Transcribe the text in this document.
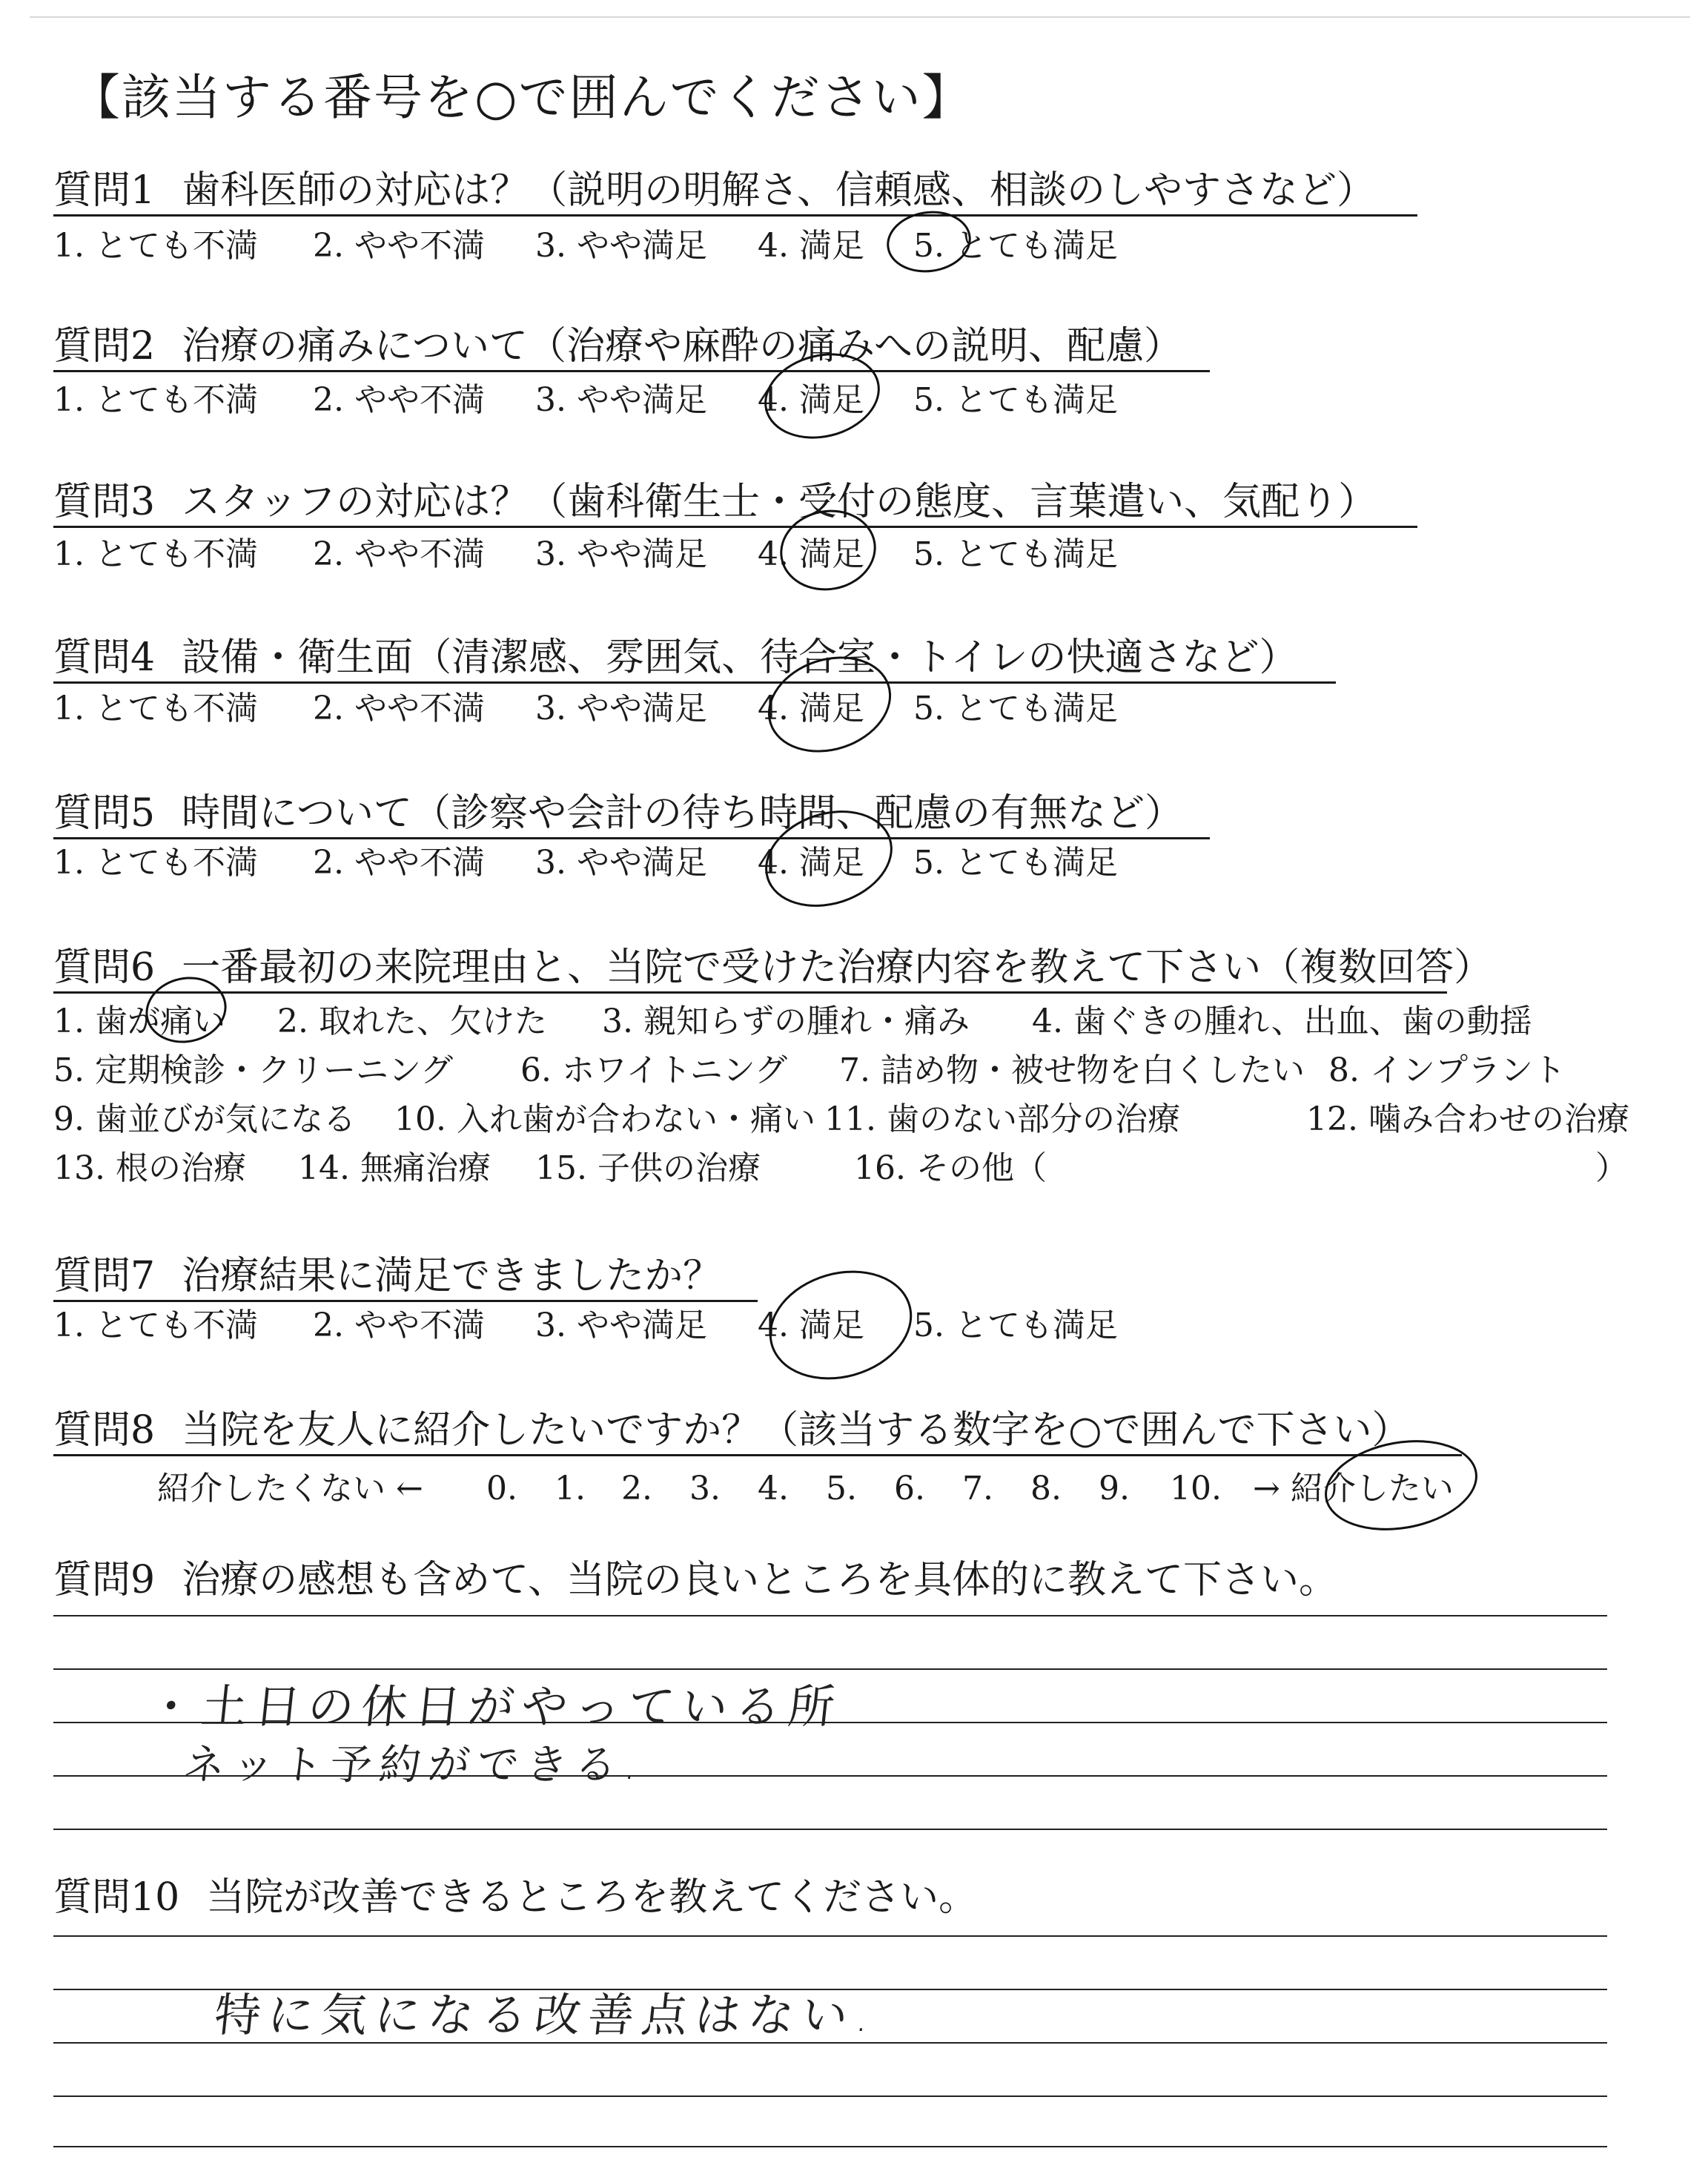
【該当する番号を○で囲んでください】
質問1 歯科医師の対応は？（説明の明解さ、信頼感、相談のしやすさなど）
1. とても不満 2. やや不満 3. やや満足 4. 満足 5. とても満足
質問2 治療の痛みについて（治療や麻酔の痛みへの説明、配慮）
1. とても不満 2. やや不満 3. やや満足 4. 満足 5. とても満足
質問3 スタッフの対応は？（歯科衛生士・受付の態度、言葉遣い、気配り）
1. とても不満 2. やや不満 3. やや満足 4. 満足 5. とても満足
質問4 設備・衛生面（清潔感、雰囲気、待合室・トイレの快適さなど）
1. とても不満 2. やや不満 3. やや満足 4. 満足 5. とても満足
質問5 時間について（診察や会計の待ち時間、配慮の有無など）
1. とても不満 2. やや不満 3. やや満足 4. 満足 5. とても満足
質問6 一番最初の来院理由と、当院で受けた治療内容を教えて下さい（複数回答）
1. 歯が痛い 2. 取れた、欠けた 3. 親知らずの腫れ・痛み 4. 歯ぐきの腫れ、出血、歯の動揺
5. 定期検診・クリーニング 6. ホワイトニング 7. 詰め物・被せ物を白くしたい 8. インプラント
9. 歯並びが気になる 10. 入れ歯が合わない・痛い 11. 歯のない部分の治療	12. 噛み合わせの治療
13. 根の治療 14. 無痛治療 15. 子供の治療	16. その他（	）
質問7 治療結果に満足できましたか？
1. とても不満 2. やや不満 3. やや満足 4. 満足 5. とても満足
質問8 当院を友人に紹介したいですか？（該当する数字を○で囲んで下さい）
紹介したくない ← 0. 1. 2. 3. 4. 5. 6. 7. 8. 9. 10. → 紹介したい
質問9 治療の感想も含めて、当院の良いところを具体的に教えて下さい。
・土日の休日がやっている所
ネット予約ができる.
質問10 当院が改善できるところを教えてください。
特に気になる改善点はない.
